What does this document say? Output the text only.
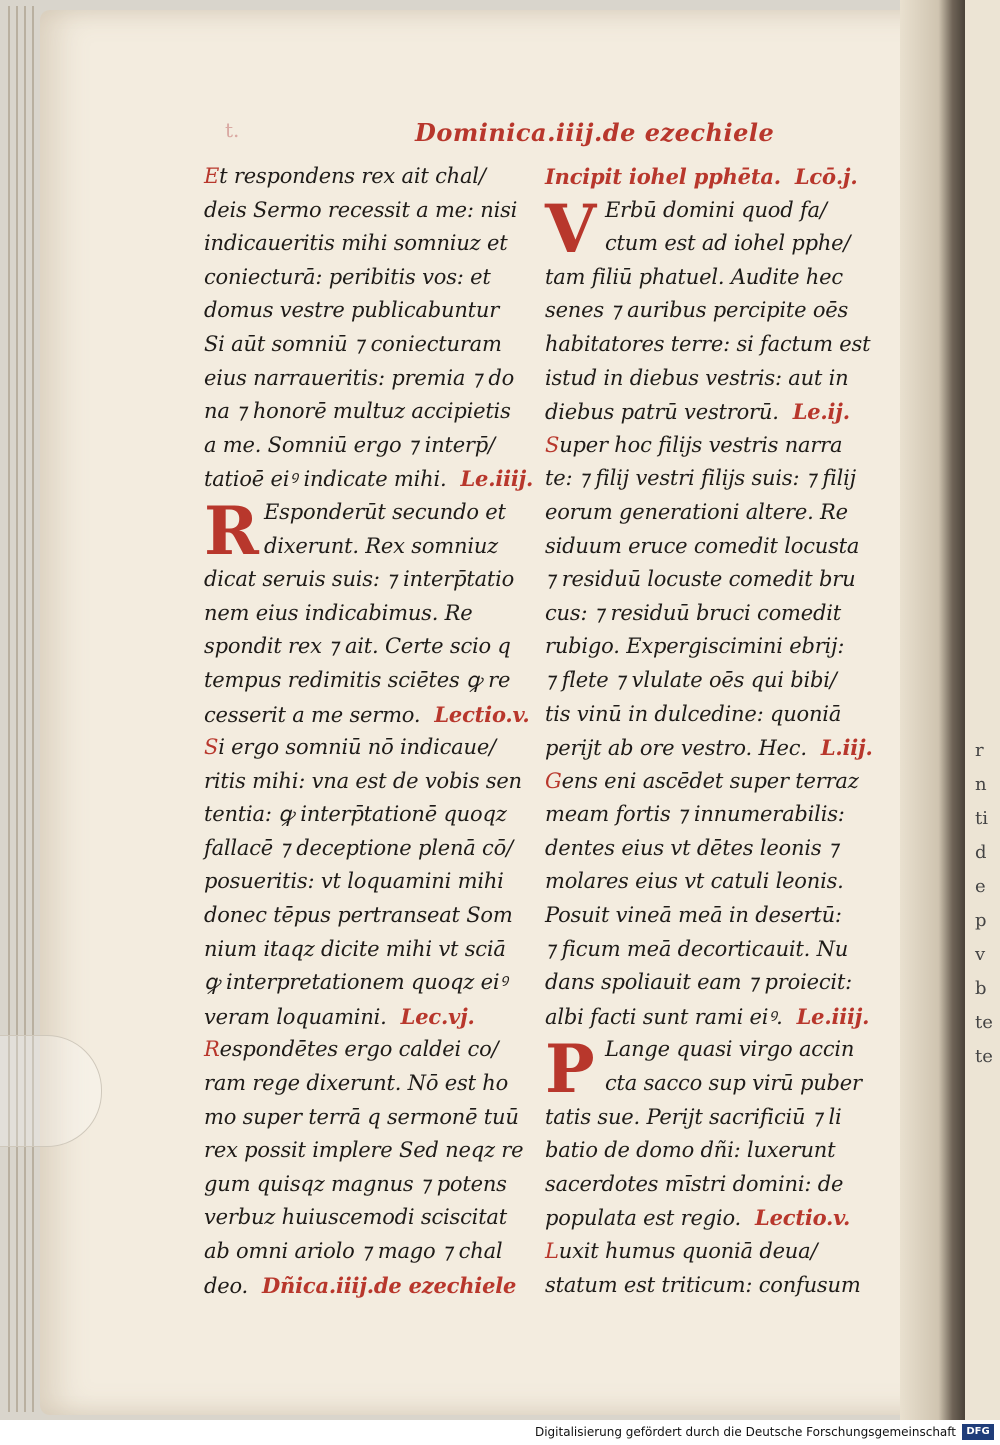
r
n
ti
d
e
p
v
b
te
te
t.	Dominica.iiij.de ezechiele
Et respondens rex ait chal/
deis Sermo recessit a me: nisi
indicaueritis mihi somniuz et
coniecturā: peribitis vos: et
domus vestre publicabuntur
Si aūt somniū ⁊ coniecturam
eius narraueritis: premia ⁊ do
na ⁊ honorē multuz accipietis
a me. Somniū ergo ⁊ interp̄/
tatioē eiꝰ indicate mihi. Le.iiij.
R Esponderūt secundo et
dixerunt. Rex somniuz
dicat seruis suis: ⁊ interp̄tatio
nem eius indicabimus. Re
spondit rex ⁊ ait. Certe scio q
tempus redimitis sciētes ꝙ re
cesserit a me sermo. Lectio.v.
Si ergo somniū nō indicaue/
ritis mihi: vna est de vobis sen
tentia: ꝙ interp̄tationē quoqz
fallacē ⁊ deceptione plenā cō/
posueritis: vt loquamini mihi
donec tēpus pertranseat Som
nium itaqz dicite mihi vt sciā
ꝙ interpretationem quoqz eiꝰ
veram loquamini. Lec.vj.
Respondētes ergo caldei co/
ram rege dixerunt. Nō est ho
mo super terrā q sermonē tuū
rex possit implere Sed neqz re
gum quisqz magnus ⁊ potens
verbuz huiuscemodi sciscitat
ab omni ariolo ⁊ mago ⁊ chal
deo. Dñica.iiij.de ezechiele
Incipit iohel pphēta. Lcō.j.
V Erbū domini quod fa/
ctum est ad iohel pphe/
tam filiū phatuel. Audite hec
senes ⁊ auribus percipite oēs
habitatores terre: si factum est
istud in diebus vestris: aut in
diebus patrū vestrorū. Le.ij.
Super hoc filijs vestris narra
te: ⁊ filij vestri filijs suis: ⁊ filij
eorum generationi altere. Re
siduum eruce comedit locusta
⁊ residuū locuste comedit bru
cus: ⁊ residuū bruci comedit
rubigo. Expergiscimini ebrij:
⁊ flete ⁊ vlulate oēs qui bibi/
tis vinū in dulcedine: quoniā
perijt ab ore vestro. Hec. L.iij.
Gens eni ascēdet super terraz
meam fortis ⁊ innumerabilis:
dentes eius vt dētes leonis ⁊
molares eius vt catuli leonis.
Posuit vineā meā in desertū:
⁊ ficum meā decorticauit. Nu
dans spoliauit eam ⁊ proiecit:
albi facti sunt rami eiꝰ. Le.iiij.
P Lange quasi virgo accin
cta sacco sup virū puber
tatis sue. Perijt sacrificiū ⁊ li
batio de domo dñi: luxerunt
sacerdotes mīstri domini: de
populata est regio. Lectio.v.
Luxit humus quoniā deua/
statum est triticum: confusum
Digitalisierung gefördert durch die Deutsche Forschungsgemeinschaft	DFG
